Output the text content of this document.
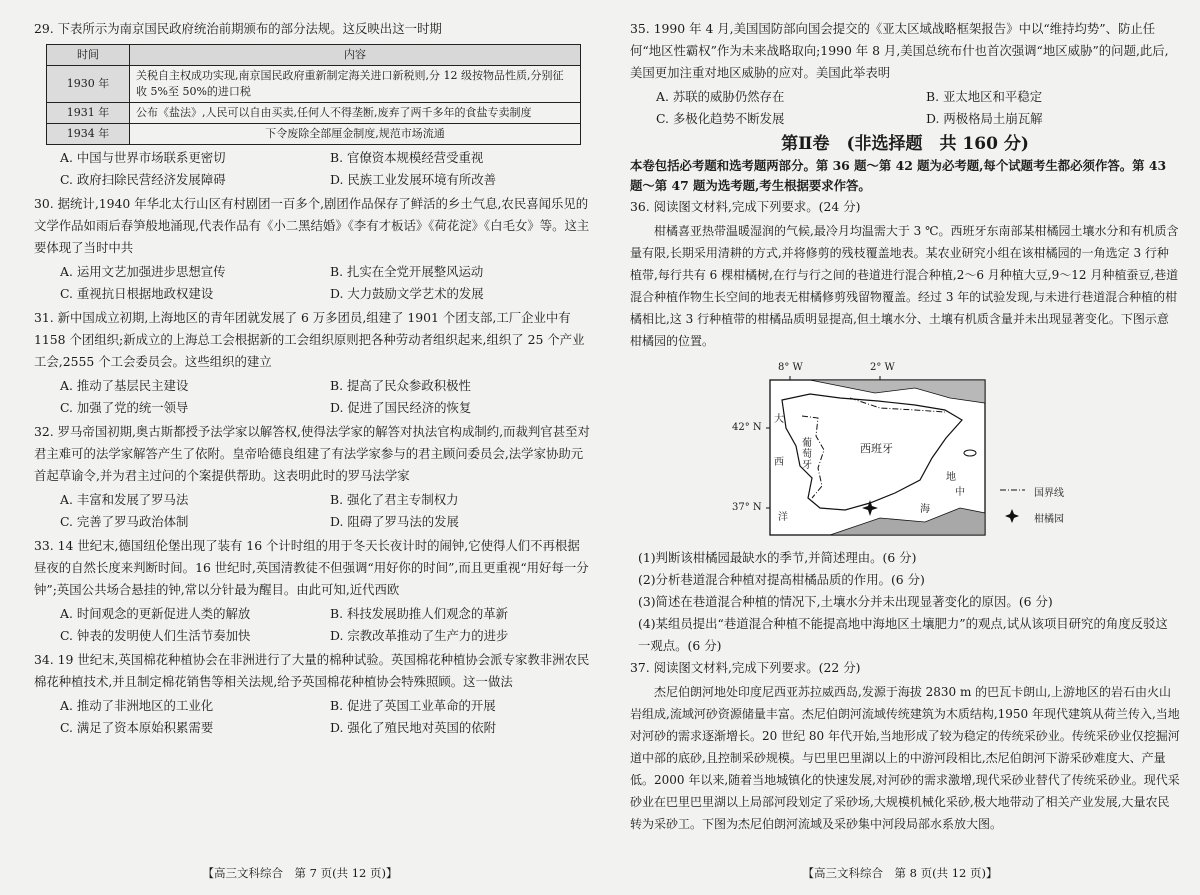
29. 下表所示为南京国民政府统治前期颁布的部分法规。这反映出这一时期
时间	内容
1930 年	关税自主权成功实现,南京国民政府重新制定海关进口新税则,分 12 级按物品性质,分别征收 5%至 50%的进口税
1931 年	公布《盐法》,人民可以自由买卖,任何人不得垄断,废弃了两千多年的食盐专卖制度
1934 年	下令废除全部厘金制度,规范市场流通
A. 中国与世界市场联系更密切	B. 官僚资本规模经营受重视
C. 政府扫除民营经济发展障碍	D. 民族工业发展环境有所改善
30. 据统计,1940 年华北太行山区有村剧团一百多个,剧团作品保存了鲜活的乡土气息,农民喜闻乐见的文学作品如雨后春笋般地涌现,代表作品有《小二黑结婚》《李有才板话》《荷花淀》《白毛女》等。这主要体现了当时中共
A. 运用文艺加强进步思想宣传	B. 扎实在全党开展整风运动
C. 重视抗日根据地政权建设	D. 大力鼓励文学艺术的发展
31. 新中国成立初期,上海地区的青年团就发展了 6 万多团员,组建了 1901 个团支部,工厂企业中有 1158 个团组织;新成立的上海总工会根据新的工会组织原则把各种劳动者组织起来,组织了 25 个产业工会,2555 个工会委员会。这些组织的建立
A. 推动了基层民主建设	B. 提高了民众参政积极性
C. 加强了党的统一领导	D. 促进了国民经济的恢复
32. 罗马帝国初期,奥古斯都授予法学家以解答权,使得法学家的解答对执法官构成制约,而裁判官甚至对君主难可的法学家解答产生了依附。皇帝哈德良组建了有法学家参与的君主顾问委员会,法学家协助元首起草谕令,并为君主过问的个案提供帮助。这表明此时的罗马法学家
A. 丰富和发展了罗马法	B. 强化了君主专制权力
C. 完善了罗马政治体制	D. 阻碍了罗马法的发展
33. 14 世纪末,德国纽伦堡出现了装有 16 个计时组的用于冬天长夜计时的闹钟,它使得人们不再根据昼夜的自然长度来判断时间。16 世纪时,英国清教徒不但强调“用好你的时间”,而且更重视“用好每一分钟”;英国公共场合悬挂的钟,常以分针最为醒目。由此可知,近代西欧
A. 时间观念的更新促进人类的解放	B. 科技发展助推人们观念的革新
C. 钟表的发明使人们生活节奏加快	D. 宗教改革推动了生产力的进步
34. 19 世纪末,英国棉花种植协会在非洲进行了大量的棉种试验。英国棉花种植协会派专家教非洲农民棉花种植技术,并且制定棉花销售等相关法规,给予英国棉花种植协会特殊照顾。这一做法
A. 推动了非洲地区的工业化	B. 促进了英国工业革命的开展
C. 满足了资本原始积累需要	D. 强化了殖民地对英国的依附
【高三文科综合　第 7 页(共 12 页)】
35. 1990 年 4 月,美国国防部向国会提交的《亚太区域战略框架报告》中以“维持均势”、防止任何“地区性霸权”作为未来战略取向;1990 年 8 月,美国总统布什也首次强调“地区威胁”的问题,此后,美国更加注重对地区威胁的应对。美国此举表明
A. 苏联的威胁仍然存在	B. 亚太地区和平稳定
C. 多极化趋势不断发展	D. 两极格局土崩瓦解
第Ⅱ卷　(非选择题　共 160 分)
本卷包括必考题和选考题两部分。第 36 题～第 42 题为必考题,每个试题考生都必须作答。第 43 题～第 47 题为选考题,考生根据要求作答。
36. 阅读图文材料,完成下列要求。(24 分)
柑橘喜亚热带温暖湿润的气候,最冷月均温需大于 3 ℃。西班牙东南部某柑橘园土壤水分和有机质含量有限,长期采用清耕的方式,并将修剪的残枝覆盖地表。某农业研究小组在该柑橘园的一角选定 3 行种植带,每行共有 6 棵柑橘树,在行与行之间的巷道进行混合种植,2～6 月种植大豆,9～12 月种植蚕豆,巷道混合种植作物生长空间的地表无柑橘修剪残留物覆盖。经过 3 年的试验发现,与未进行巷道混合种植的柑橘相比,这 3 行种植带的柑橘品质明显提高,但土壤水分、土壤有机质含量并未出现显著变化。下图示意柑橘园的位置。
8° W	2° W
42° N
37° N
西班牙
葡萄牙
大
西
洋
地
中
海
国界线
柑橘园
(1)判断该柑橘园最缺水的季节,并简述理由。(6 分)
(2)分析巷道混合种植对提高柑橘品质的作用。(6 分)
(3)简述在巷道混合种植的情况下,土壤水分并未出现显著变化的原因。(6 分)
(4)某组员提出“巷道混合种植不能提高地中海地区土壤肥力”的观点,试从该项目研究的角度反驳这一观点。(6 分)
37. 阅读图文材料,完成下列要求。(22 分)
杰尼伯朗河地处印度尼西亚苏拉威西岛,发源于海拔 2830 m 的巴瓦卡朗山,上游地区的岩石由火山岩组成,流域河砂资源储量丰富。杰尼伯朗河流域传统建筑为木质结构,1950 年现代建筑从荷兰传入,当地对河砂的需求逐渐增长。20 世纪 80 年代开始,当地形成了较为稳定的传统采砂业。传统采砂业仅挖掘河道中部的底砂,且控制采砂规模。与巴里巴里湖以上的中游河段相比,杰尼伯朗河下游采砂难度大、产量低。2000 年以来,随着当地城镇化的快速发展,对河砂的需求激增,现代采砂业替代了传统采砂业。现代采砂业在巴里巴里湖以上局部河段划定了采砂场,大规模机械化采砂,极大地带动了相关产业发展,大量农民转为采砂工。下图为杰尼伯朗河流域及采砂集中河段局部水系放大图。
【高三文科综合　第 8 页(共 12 页)】
